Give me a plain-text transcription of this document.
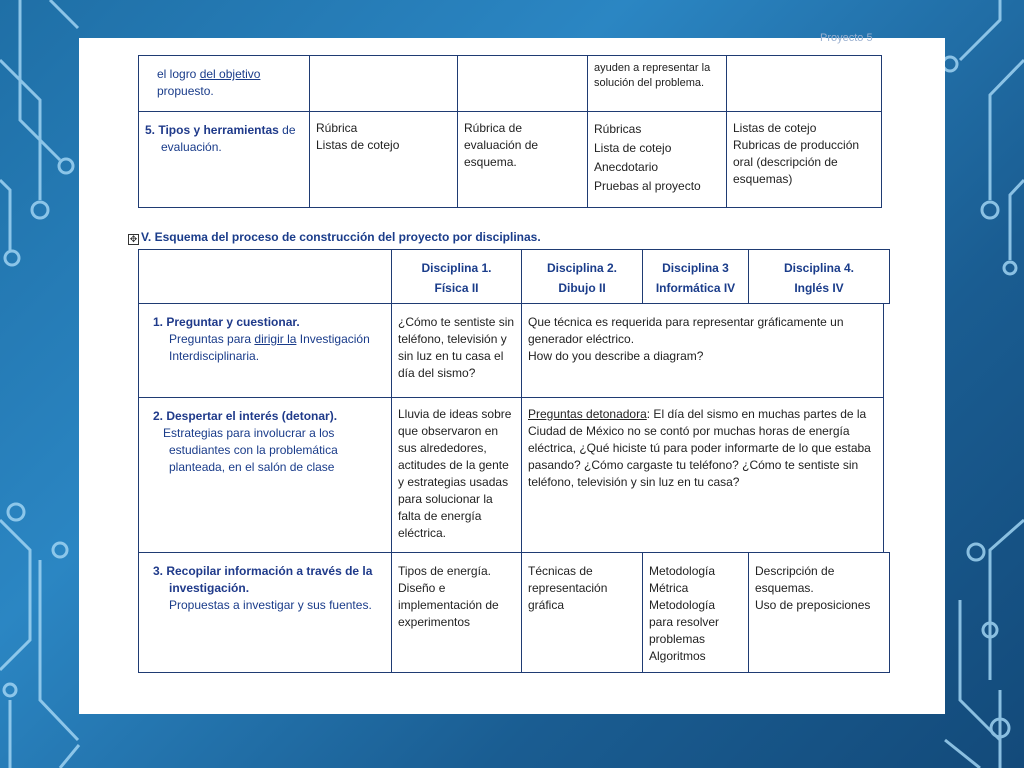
Proyecto 5
el logro del objetivo
propuesto.
ayuden a representar la solución del problema.
5. Tipos y herramientas de
evaluación.
Rúbrica
Listas de cotejo
Rúbrica de
evaluación de
esquema.
Rúbricas
Lista de cotejo
Anecdotario
Pruebas al proyecto
Listas de cotejo
Rubricas de producción
oral (descripción de
esquemas)
✥ V. Esquema del proceso de construcción del proyecto por disciplinas.
Disciplina 1.
Física II
Disciplina 2.
Dibujo II
Disciplina 3
Informática IV
Disciplina 4.
Inglés IV
1. Preguntar y cuestionar.
Preguntas para dirigir la Investigación
Interdisciplinaria.
¿Cómo te sentiste sin teléfono, televisión y sin luz en tu casa el día del sismo?
Que técnica es requerida para representar gráficamente un generador eléctrico.
How do you describe a diagram?
2. Despertar el interés (detonar).
Estrategias para involucrar a los
estudiantes con la problemática
planteada, en el salón de clase
Lluvia de ideas sobre que observaron en sus alrededores, actitudes de la gente y estrategias usadas para solucionar la falta de energía eléctrica.
Preguntas detonadora: El día del sismo en muchas partes de la Ciudad de México no se contó por muchas horas de energía eléctrica, ¿Qué hiciste tú para poder informarte de lo que estaba pasando? ¿Cómo cargaste tu teléfono? ¿Cómo te sentiste sin teléfono, televisión y sin luz en tu casa?
3. Recopilar información a través de la
investigación.
Propuestas a investigar y sus fuentes.
Tipos de energía.
Diseño e
implementación de
experimentos
Técnicas de
representación
gráfica
Metodología
Métrica
Metodología
para resolver
problemas
Algoritmos
Descripción de
esquemas.
Uso de preposiciones
